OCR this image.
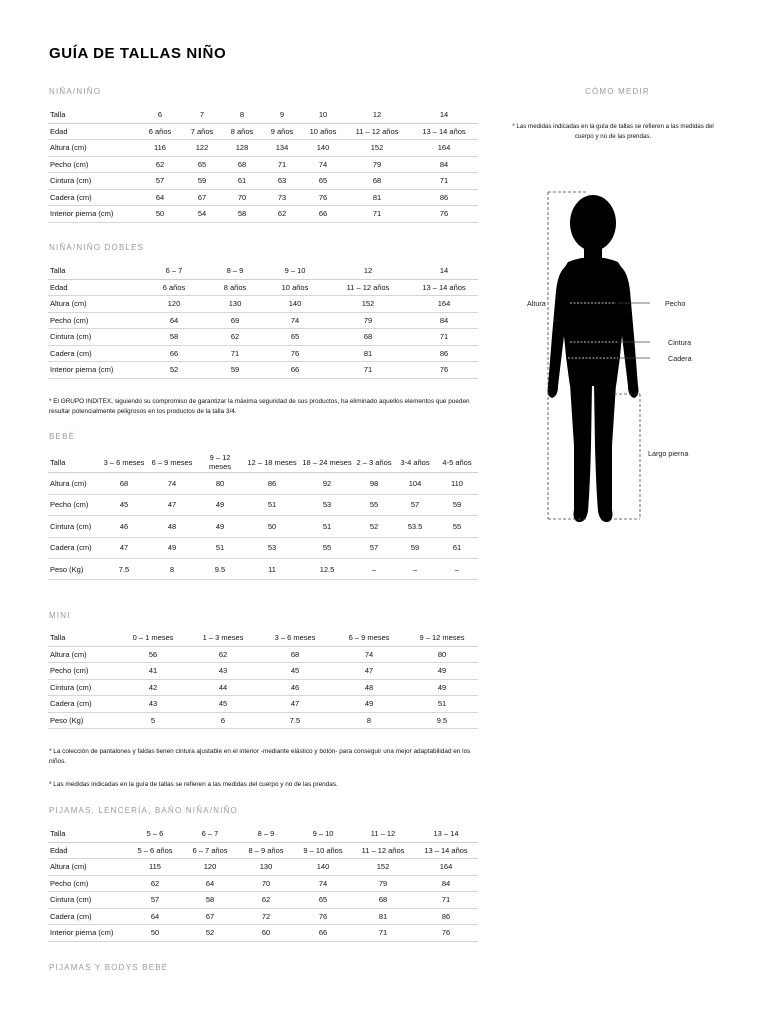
GUÍA DE TALLAS NIÑO

NIÑA/NIÑO

Talla	6	7	8	9	10	12	14
Edad	6 años	7 años	8 años	9 años	10 años	11 – 12 años	13 – 14 años
Altura (cm)	116	122	128	134	140	152	164
Pecho (cm)	62	65	68	71	74	79	84
Cintura (cm)	57	59	61	63	65	68	71
Cadera (cm)	64	67	70	73	76	81	86
Interior pierna (cm)	50	54	58	62	66	71	76

NIÑA/NIÑO DOBLES

Talla	6 – 7	8 – 9	9 – 10	12	14
Edad	6 años	8 años	10 años	11 – 12 años	13 – 14 años
Altura (cm)	120	130	140	152	164
Pecho (cm)	64	69	74	79	84
Cintura (cm)	58	62	65	68	71
Cadera (cm)	66	71	76	81	86
Interior pierna (cm)	52	59	66	71	76

* El GRUPO INDITEX, siguiendo su compromiso de garantizar la máxima seguridad de sus productos, ha eliminado aquellos elementos que pueden resultar potencialmente peligrosos en los productos de la talla 3/4.

BEBÉ

Talla	3 – 6 meses	6 – 9 meses	9 – 12 meses	12 – 18 meses	18 – 24 meses	2 – 3 años	3-4 años	4-5 años
Altura (cm)	68	74	80	86	92	98	104	110
Pecho (cm)	45	47	49	51	53	55	57	59
Cintura (cm)	46	48	49	50	51	52	53.5	55
Cadera (cm)	47	49	51	53	55	57	59	61
Peso (Kg)	7.5	8	9.5	11	12.5	–	–	–

MINI

Talla	0 – 1 meses	1 – 3 meses	3 – 6 meses	6 – 9 meses	9 – 12 meses
Altura (cm)	56	62	68	74	80
Pecho (cm)	41	43	45	47	49
Cintura (cm)	42	44	46	48	49
Cadera (cm)	43	45	47	49	51
Peso (Kg)	5	6	7.5	8	9.5

* La colección de pantalones y faldas tienen cintura ajustable en el interior -mediante elástico y botón- para conseguir una mejor adaptabilidad en los niños.

* Las medidas indicadas en la guía de tallas se refieren a las medidas del cuerpo y no de las prendas.

PIJAMAS, LENCERÍA, BAÑO NIÑA/NIÑO

Talla	5 – 6	6 – 7	8 – 9	9 – 10	11 – 12	13 – 14
Edad	5 – 6 años	6 – 7 años	8 – 9 años	9 – 10 años	11 – 12 años	13 – 14 años
Altura (cm)	115	120	130	140	152	164
Pecho (cm)	62	64	70	74	79	84
Cintura (cm)	57	58	62	65	68	71
Cadera (cm)	64	67	72	76	81	86
Interior pierna (cm)	50	52	60	66	71	76

PIJAMAS Y BODYS BEBÉ

CÓMO MEDIR

* Las medidas indicadas en la guía de tallas se refieren a las medidas del cuerpo y no de las prendas.

Altura	Pecho
Cintura
Cadera
Largo pierna
